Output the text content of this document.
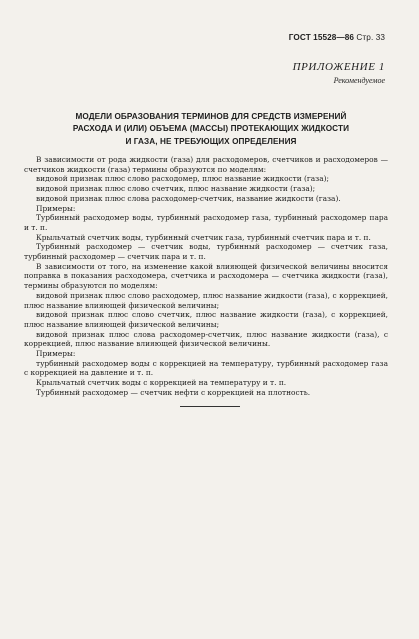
ГОСТ 15528—86 Стр. 33
ПРИЛОЖЕНИЕ 1
Рекомендуемое
МОДЕЛИ ОБРАЗОВАНИЯ ТЕРМИНОВ ДЛЯ СРЕДСТВ ИЗМЕРЕНИЙ
РАСХОДА И (ИЛИ) ОБЪЕМА (МАССЫ) ПРОТЕКАЮЩИХ ЖИДКОСТИ
И ГАЗА, НЕ ТРЕБУЮЩИХ ОПРЕДЕЛЕНИЯ

В зависимости от рода жидкости (газа) для расходомеров, счетчиков и расходомеров — счетчиков жидкости (газа) термины образуются по моделям:

видовой признак плюс слово расходомер, плюс название жидкости (газа);

видовой признак плюс слово счетчик, плюс название жидкости (газа);

видовой признак плюс слова расходомер-счетчик, название жидкости (газа).

Примеры:

Турбинный расходомер воды, турбинный расходомер газа, турбинный расходомер пара и т. п.

Крыльчатый счетчик воды, турбинный счетчик газа, турбинный счетчик пара и т. п.

Турбинный расходомер — счетчик воды, турбинный расходомер — счетчик газа, турбинный расходомер — счетчик пара и т. п.

В зависимости от того, на изменение какой влияющей физической величины вносится поправка в показания расходомера, счетчика и расходомера — счетчика жидкости (газа), термины образуются по моделям:

видовой признак плюс слово расходомер, плюс название жидкости (газа), с коррекцией, плюс название влияющей физической величины;

видовой признак плюс слово счетчик, плюс название жидкости (газа), с коррекцией, плюс название влияющей физической величины;

видовой признак плюс слова расходомер-счетчик, плюс название жидкости (газа), с коррекцией, плюс название влияющей физической величины.

Примеры:

турбинный расходомер воды с коррекцией на температуру, турбинный расходомер газа с коррекцией на давление и т. п.

Крыльчатый счетчик воды с коррекцией на температуру и т. п.

Турбинный расходомер — счетчик нефти с коррекцией на плотность.
